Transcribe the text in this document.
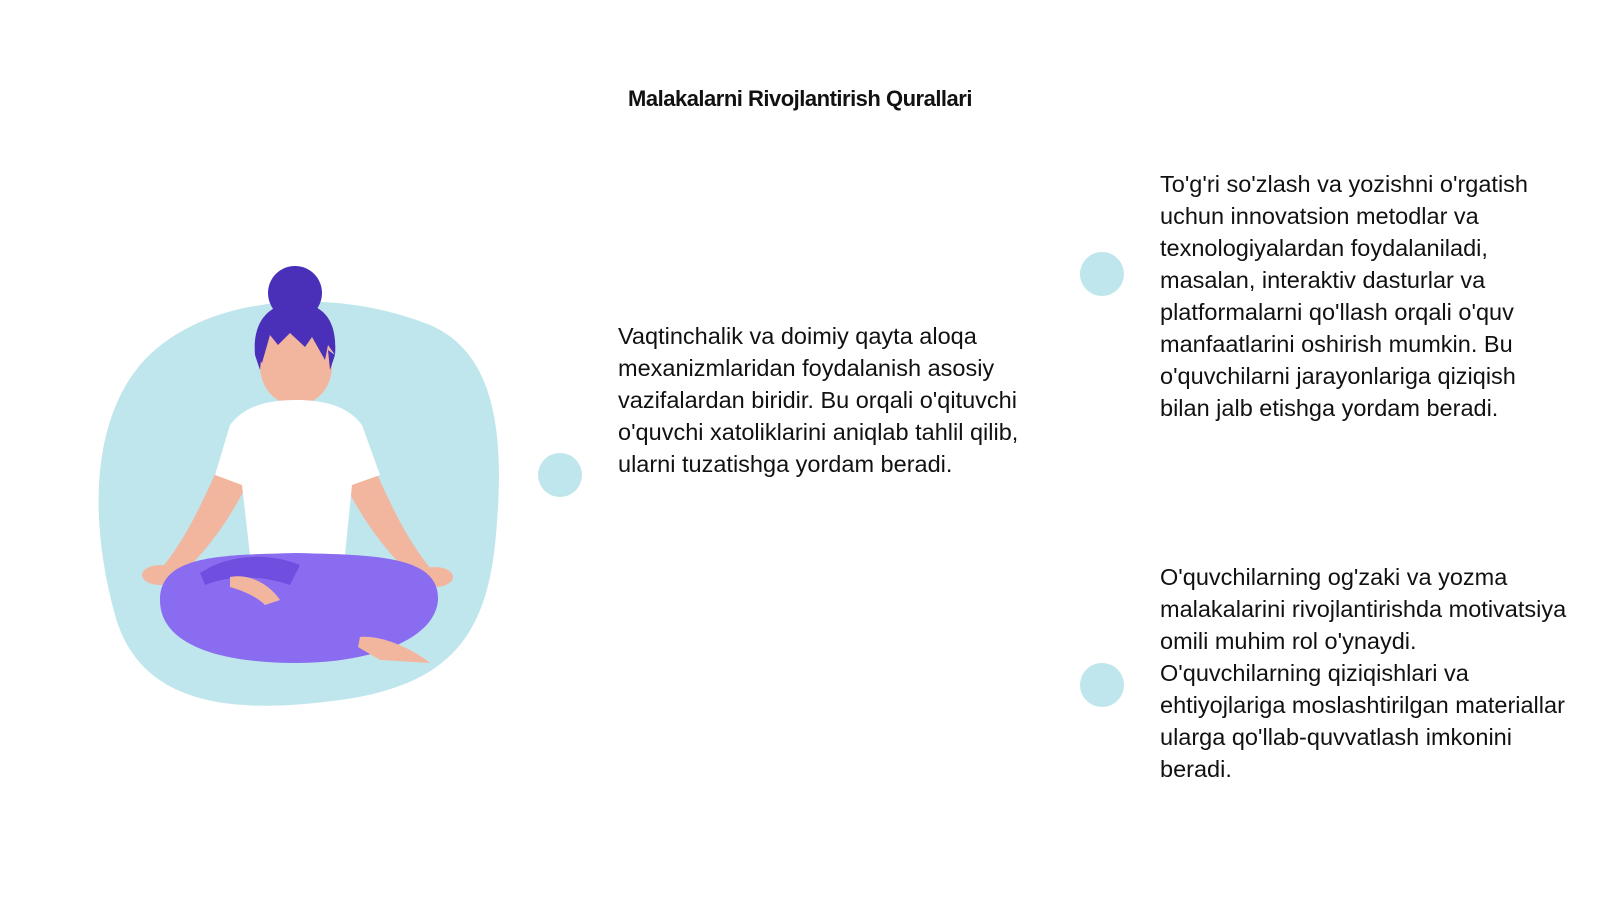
Malakalarni Rivojlantirish Qurallari
Vaqtinchalik va doimiy qayta aloqa mexanizmlaridan foydalanish asosiy vazifalardan biridir. Bu orqali o'qituvchi o'quvchi xatoliklarini aniqlab tahlil qilib, ularni tuzatishga yordam beradi.
To'g'ri so'zlash va yozishni o'rgatish uchun innovatsion metodlar va texnologiyalardan foydalaniladi, masalan, interaktiv dasturlar va platformalarni qo'llash orqali o'quv manfaatlarini oshirish mumkin. Bu o'quvchilarni jarayonlariga qiziqish bilan jalb etishga yordam beradi.
O'quvchilarning og'zaki va yozma malakalarini rivojlantirishda motivatsiya omili muhim rol o'ynaydi. O'quvchilarning qiziqishlari va ehtiyojlariga moslashtirilgan materiallar ularga qo'llab-quvvatlash imkonini beradi.
